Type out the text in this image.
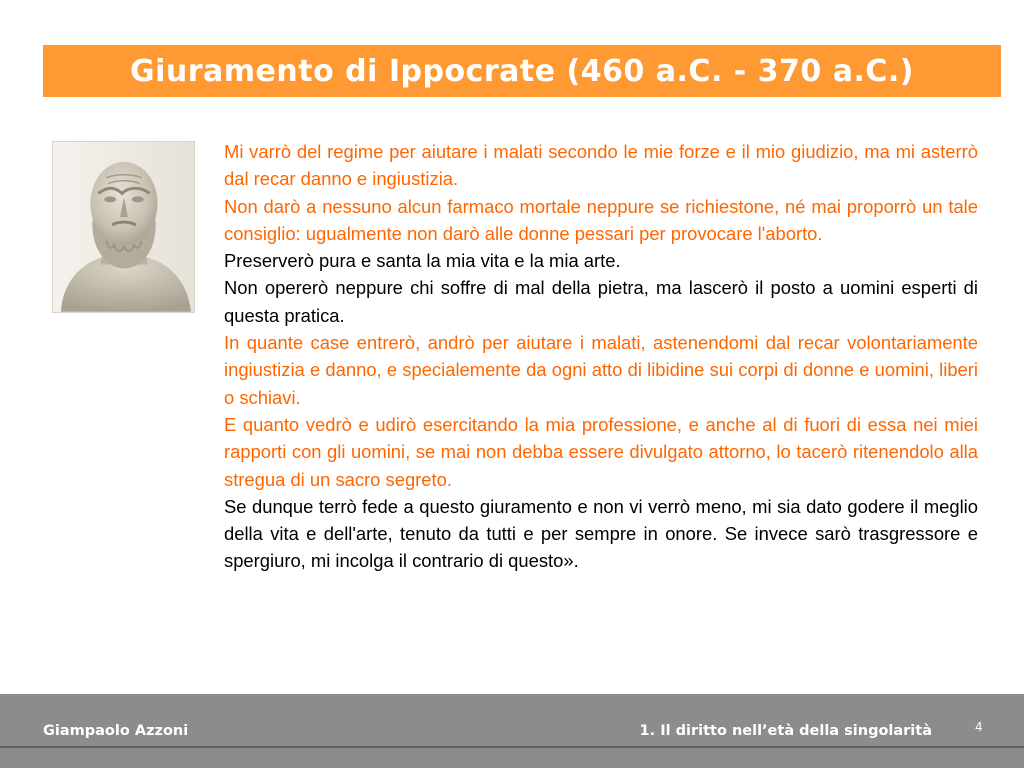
Giuramento di Ippocrate (460 a.C. - 370 a.C.)

Mi varrò del regime per aiutare i malati secondo le mie forze e il mio giudizio, ma mi asterrò dal recar danno e ingiustizia.

Non darò a nessuno alcun farmaco mortale neppure se richiestone, né mai proporrò un tale consiglio: ugualmente non darò alle donne pessari per provocare l'aborto.

Preserverò pura e santa la mia vita e la mia arte.

Non opererò neppure chi soffre di mal della pietra, ma lascerò il posto a uomini esperti di questa pratica.

In quante case entrerò, andrò per aiutare i malati, astenendomi dal recar volontariamente ingiustizia e danno, e specialemente da ogni atto di libidine sui corpi di donne e uomini, liberi o schiavi.

E quanto vedrò e udirò esercitando la mia professione, e anche al di fuori di essa nei miei rapporti con gli uomini, se mai non debba essere divulgato attorno, lo tacerò ritenendolo alla stregua di un sacro segreto.

Se dunque terrò fede a questo giuramento e non vi verrò meno, mi sia dato godere il meglio della vita e dell'arte, tenuto da tutti e per sempre in onore. Se invece sarò trasgressore e spergiuro, mi incolga il contrario di questo».

Giampaolo Azzoni	1. Il diritto nell’età della singolarità	4
